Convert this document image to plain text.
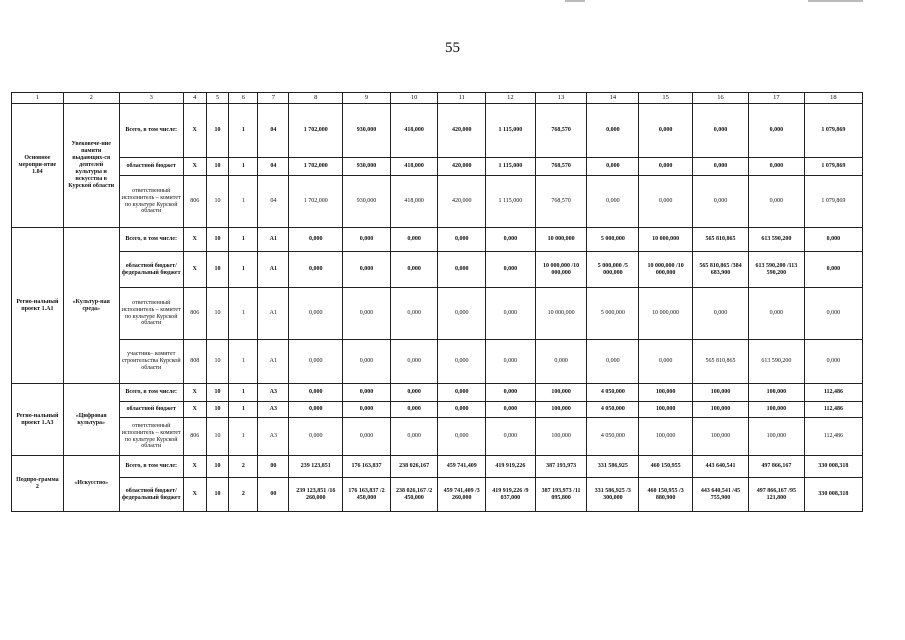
55
1	2	3	4	5	6	7	8	9	10	11	12	13	14	15	16	17	18
Основное меропри-ятие 1.04	Увековече-ние памяти выдающих-ся деятелей культуры и искусства в Курской области	Всего, в том числе:	X	10	1	04	1 702,000	930,000	418,000	420,000	1 115,000	768,570	0,000	0,000	0,000	0,000	1 079,869
		областной бюджет	X	10	1	04	1 702,000	930,000	418,000	420,000	1 115,000	768,570	0,000	0,000	0,000	0,000	1 079,869
		ответственный исполнитель – комитет по культуре Курской области	806	10	1	04	1 702,000	930,000	418,000	420,000	1 115,000	768,570	0,000	0,000	0,000	0,000	1 079,869
Регио-нальный проект 1.А1	«Культур-ная среда»	Всего, в том числе:	X	10	1	А1	0,000	0,000	0,000	0,000	0,000	10 000,000	5 000,000	10 000,000	565 810,865	613 590,200	0,000
		областной бюджет/ федеральный бюджет	X	10	1	А1	0,000	0,000	0,000	0,000	0,000	10 000,000 /10 000,000	5 000,000 /5 000,000	10 000,000 /10 000,000	565 810,865 /384 683,900	613 590,200 /113 590,200	0,000
		ответственный исполнитель – комитет по культуре Курской области	806	10	1	А1	0,000	0,000	0,000	0,000	0,000	10 000,000	5 000,000	10 000,000	0,000	0,000	0,000
		участник– комитет строительства Курской области	808	10	1	А1	0,000	0,000	0,000	0,000	0,000	0,000	0,000	0,000	565 810,865	613 590,200	0,000
Регио-нальный проект 1.А3	«Цифровая культура»	Всего, в том числе:	X	10	1	А3	0,000	0,000	0,000	0,000	0,000	100,000	4 050,000	100,000	100,000	100,000	112,486
		областной бюджет	X	10	1	А3	0,000	0,000	0,000	0,000	0,000	100,000	4 050,000	100,000	100,000	100,000	112,486
		ответственный исполнитель – комитет по культуре Курской области	806	10	1	А3	0,000	0,000	0,000	0,000	0,000	100,000	4 050,000	100,000	100,000	100,000	112,486
Подпро-грамма 2	«Искусство»	Всего, в том числе:	X	10	2	00	239 123,851	176 163,837	238 026,167	459 741,409	419 919,226	387 193,973	331 586,925	460 150,955	443 640,541	497 866,167	330 008,318
		областной бюджет/ федеральный бюджет	X	10	2	00	239 123,851 /16 260,000	176 163,837 /2 450,000	238 026,167 /2 450,000	459 741,409 /3 260,000	419 919,226 /9 037,000	387 193,973 /11 095,800	331 586,925 /3 300,000	460 150,955 /3 880,900	443 640,541 /45 755,900	497 866,167 /95 121,800	330 008,318
